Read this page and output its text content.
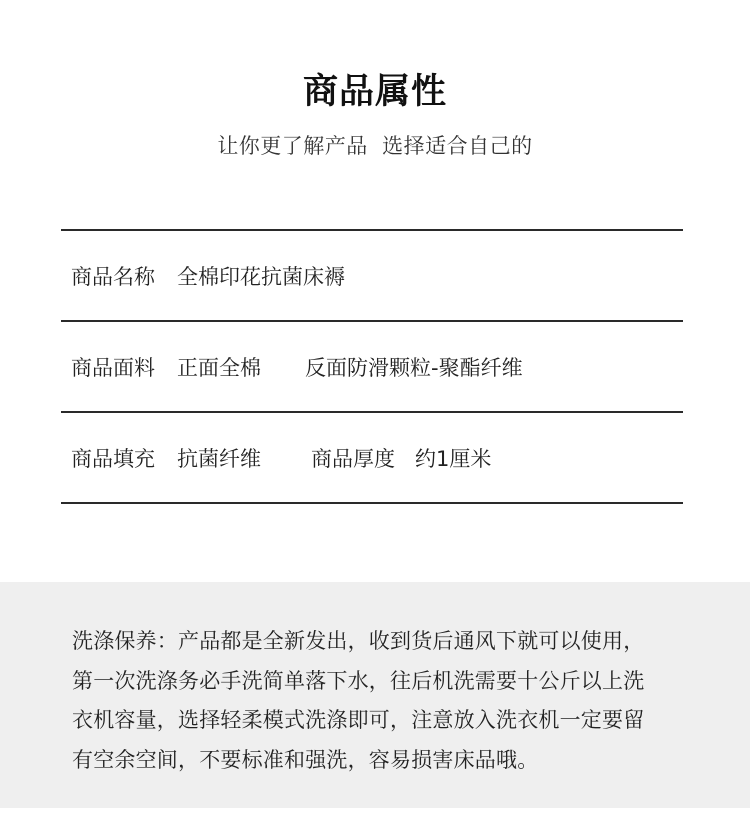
商品属性
让你更了解产品  选择适合自己的
商品名称 全棉印花抗菌床褥
商品面料 正面全棉 反面防滑颗粒-聚酯纤维
商品填充 抗菌纤维 商品厚度 约1厘米
洗涤保养：产品都是全新发出，收到货后通风下就可以使用，
第一次洗涤务必手洗简单落下水，往后机洗需要十公斤以上洗
衣机容量，选择轻柔模式洗涤即可，注意放入洗衣机一定要留
有空余空间，不要标准和强洗，容易损害床品哦。
